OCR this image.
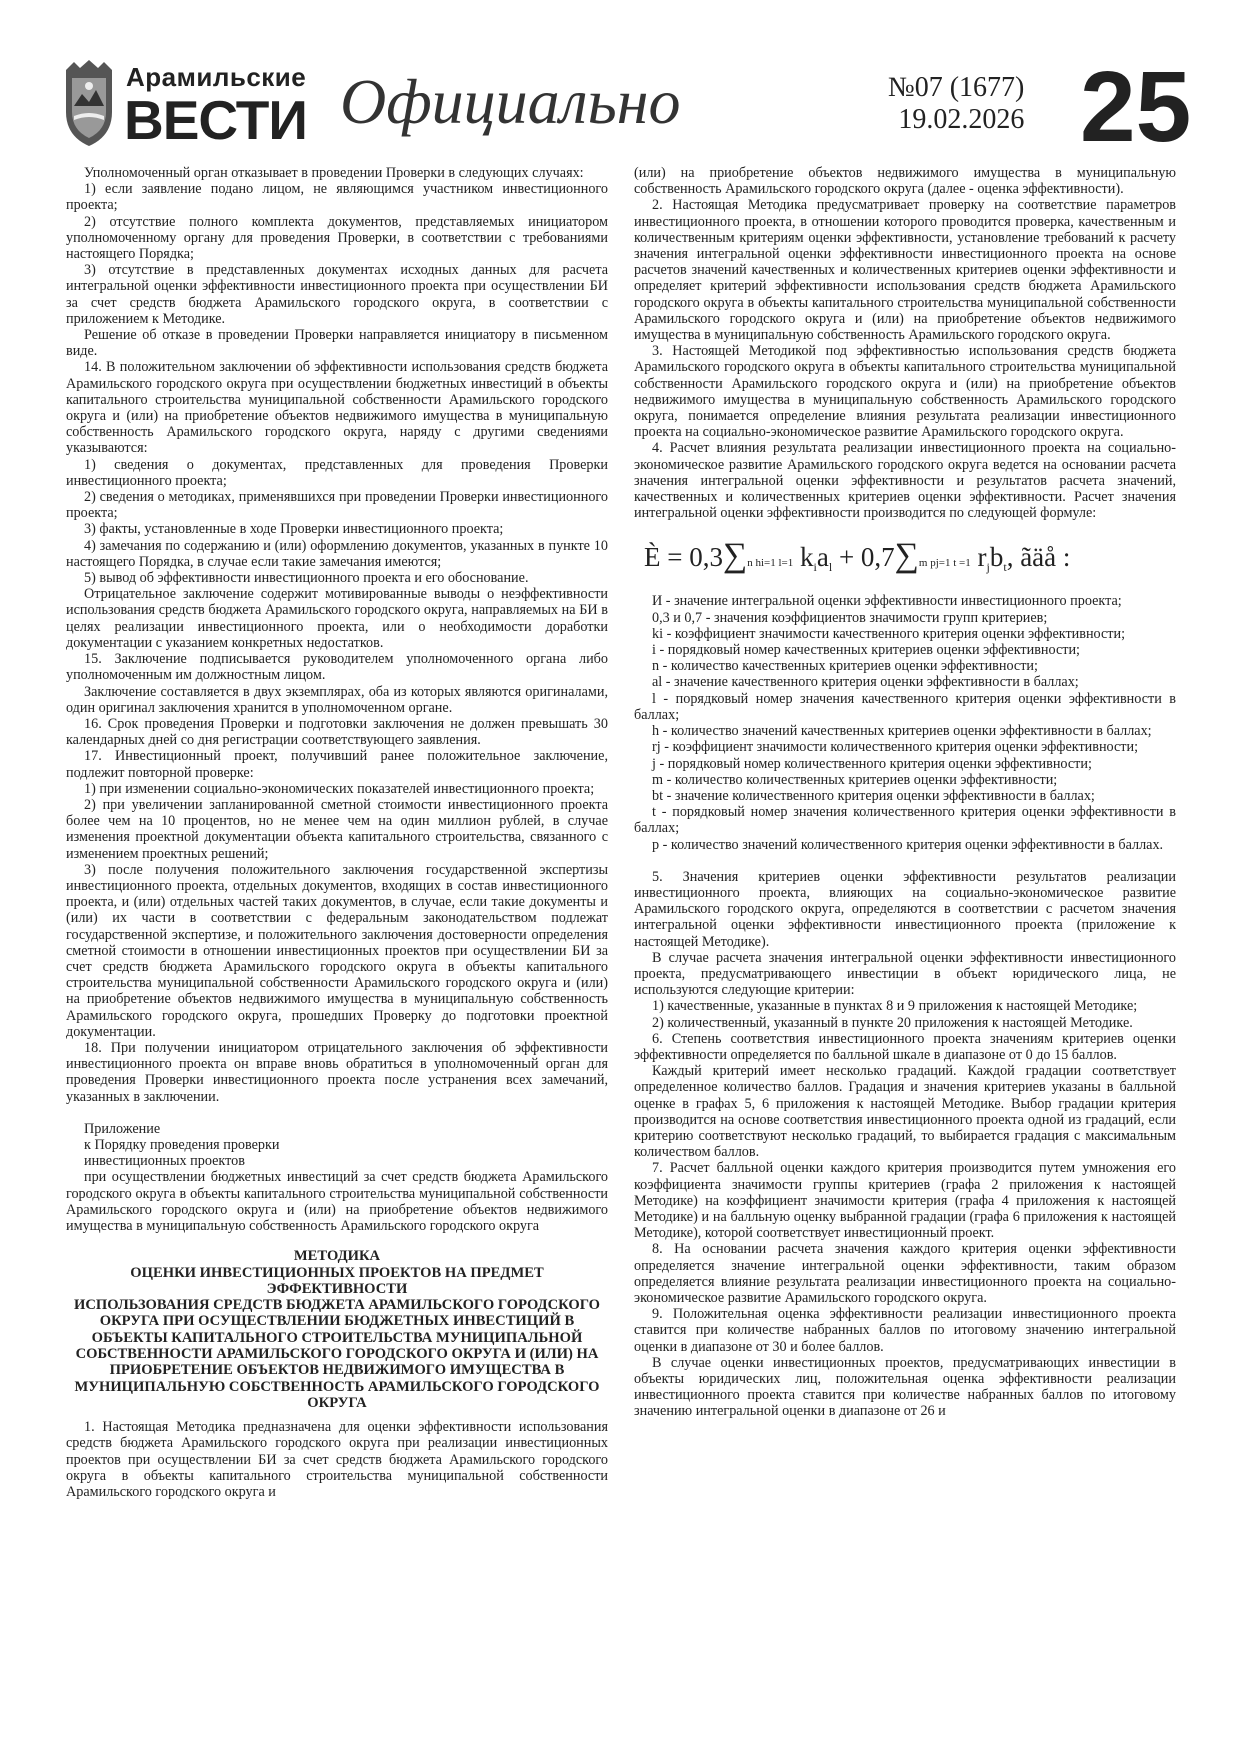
Арамильские
ВЕСТИ Официально	№07 (1677)
19.02.2026 25

Уполномоченный орган отказывает в проведении Проверки в следующих случаях:

1) если заявление подано лицом, не являющимся участником инвестиционного проекта;

2) отсутствие полного комплекта документов, представляемых инициатором уполномоченному органу для проведения Проверки, в соответствии с требованиями настоящего Порядка;

3) отсутствие в представленных документах исходных данных для расчета интегральной оценки эффективности инвестиционного проекта при осуществлении БИ за счет средств бюджета Арамильского городского округа, в соответствии с приложением к Методике.

Решение об отказе в проведении Проверки направляется инициатору в письменном виде.

14. В положительном заключении об эффективности использования средств бюджета Арамильского городского округа при осуществлении бюджетных инвестиций в объекты капитального строительства муниципальной собственности Арамильского городского округа и (или) на приобретение объектов недвижимого имущества в муниципальную собственность Арамильского городского округа, наряду с другими сведениями указываются:

1) сведения о документах, представленных для проведения Проверки инвестиционного проекта;

2) сведения о методиках, применявшихся при проведении Проверки инвестиционного проекта;

3) факты, установленные в ходе Проверки инвестиционного проекта;

4) замечания по содержанию и (или) оформлению документов, указанных в пункте 10 настоящего Порядка, в случае если такие замечания имеются;

5) вывод об эффективности инвестиционного проекта и его обоснование.

Отрицательное заключение содержит мотивированные выводы о неэффективности использования средств бюджета Арамильского городского округа, направляемых на БИ в целях реализации инвестиционного проекта, или о необходимости доработки документации с указанием конкретных недостатков.

15. Заключение подписывается руководителем уполномоченного органа либо уполномоченным им должностным лицом.

Заключение составляется в двух экземплярах, оба из которых являются оригиналами, один оригинал заключения хранится в уполномоченном органе.

16. Срок проведения Проверки и подготовки заключения не должен превышать 30 календарных дней со дня регистрации соответствующего заявления.

17. Инвестиционный проект, получивший ранее положительное заключение, подлежит повторной проверке:

1) при изменении социально-экономических показателей инвестиционного проекта;

2) при увеличении запланированной сметной стоимости инвестиционного проекта более чем на 10 процентов, но не менее чем на один миллион рублей, в случае изменения проектной документации объекта капитального строительства, связанного с изменением проектных решений;

3) после получения положительного заключения государственной экспертизы инвестиционного проекта, отдельных документов, входящих в состав инвестиционного проекта, и (или) отдельных частей таких документов, в случае, если такие документы и (или) их части в соответствии с федеральным законодательством подлежат государственной экспертизе, и положительного заключения достоверности определения сметной стоимости в отношении инвестиционных проектов при осуществлении БИ за счет средств бюджета Арамильского городского округа в объекты капитального строительства муниципальной собственности Арамильского городского округа и (или) на приобретение объектов недвижимого имущества в муниципальную собственность Арамильского городского округа, прошедших Проверку до подготовки проектной документации.

18. При получении инициатором отрицательного заключения об эффективности инвестиционного проекта он вправе вновь обратиться в уполномоченный орган для проведения Проверки инвестиционного проекта после устранения всех замечаний, указанных в заключении.

Приложение

к Порядку проведения проверки

инвестиционных проектов

при осуществлении бюджетных инвестиций за счет средств бюджета Арамильского городского округа в объекты капитального строительства муниципальной собственности Арамильского городского округа и (или) на приобретение объектов недвижимого имущества в муниципальную собственность Арамильского городского округа

МЕТОДИКА
ОЦЕНКИ ИНВЕСТИЦИОННЫХ ПРОЕКТОВ НА ПРЕДМЕТ ЭФФЕКТИВНОСТИ
ИСПОЛЬЗОВАНИЯ СРЕДСТВ БЮДЖЕТА АРАМИЛЬСКОГО ГОРОДСКОГО ОКРУГА ПРИ ОСУЩЕСТВЛЕНИИ БЮДЖЕТНЫХ ИНВЕСТИЦИЙ В ОБЪЕКТЫ КАПИТАЛЬНОГО СТРОИТЕЛЬСТВА МУНИЦИПАЛЬНОЙ СОБСТВЕННОСТИ АРАМИЛЬСКОГО ГОРОДСКОГО ОКРУГА И (ИЛИ) НА ПРИОБРЕТЕНИЕ ОБЪЕКТОВ НЕДВИЖИМОГО ИМУЩЕСТВА В МУНИЦИПАЛЬНУЮ СОБСТВЕННОСТЬ АРАМИЛЬСКОГО ГОРОДСКОГО ОКРУГА

1. Настоящая Методика предназначена для оценки эффективности использования средств бюджета Арамильского городского округа при реализации инвестиционных проектов при осуществлении БИ за счет средств бюджета Арамильского городского округа в объекты капитального строительства муниципальной собственности Арамильского городского округа и

(или) на приобретение объектов недвижимого имущества в муниципальную собственность Арамильского городского округа (далее - оценка эффективности).

2. Настоящая Методика предусматривает проверку на соответствие параметров инвестиционного проекта, в отношении которого проводится проверка, качественным и количественным критериям оценки эффективности, установление требований к расчету значения интегральной оценки эффективности инвестиционного проекта на основе расчетов значений качественных и количественных критериев оценки эффективности и определяет критерий эффективности использования средств бюджета Арамильского городского округа в объекты капитального строительства муниципальной собственности Арамильского городского округа и (или) на приобретение объектов недвижимого имущества в муниципальную собственность Арамильского городского округа.

3. Настоящей Методикой под эффективностью использования средств бюджета Арамильского городского округа в объекты капитального строительства муниципальной собственности Арамильского городского округа и (или) на приобретение объектов недвижимого имущества в муниципальную собственность Арамильского городского округа, понимается определение влияния результата реализации инвестиционного проекта на социально-экономическое развитие Арамильского городского округа.

4. Расчет влияния результата реализации инвестиционного проекта на социально-экономическое развитие Арамильского городского округа ведется на основании расчета значения интегральной оценки эффективности и результатов расчета значений, качественных и количественных критериев оценки эффективности. Расчет значения интегральной оценки эффективности производится по следующей формуле:

È = 0,3∑n hi=1 l=1 $k_ia_l + 0,7\sum m$ pj=1 t =1 $r_jb_t$, ãäå :

И - значение интегральной оценки эффективности инвестиционного проекта;

0,3 и 0,7 - значения коэффициентов значимости групп критериев;

ki - коэффициент значимости качественного критерия оценки эффективности;

i - порядковый номер качественных критериев оценки эффективности;

n - количество качественных критериев оценки эффективности;

al - значение качественного критерия оценки эффективности в баллах;

l - порядковый номер значения качественного критерия оценки эффективности в баллах;

h - количество значений качественных критериев оценки эффективности в баллах;

rj - коэффициент значимости количественного критерия оценки эффективности;

j - порядковый номер количественного критерия оценки эффективности;

m - количество количественных критериев оценки эффективности;

bt - значение количественного критерия оценки эффективности в баллах;

t - порядковый номер значения количественного критерия оценки эффективности в баллах;

p - количество значений количественного критерия оценки эффективности в баллах.

5. Значения критериев оценки эффективности результатов реализации инвестиционного проекта, влияющих на социально-экономическое развитие Арамильского городского округа, определяются в соответствии с расчетом значения интегральной оценки эффективности инвестиционного проекта (приложение к настоящей Методике).

В случае расчета значения интегральной оценки эффективности инвестиционного проекта, предусматривающего инвестиции в объект юридического лица, не используются следующие критерии:

1) качественные, указанные в пунктах 8 и 9 приложения к настоящей Методике;

2) количественный, указанный в пункте 20 приложения к настоящей Методике.

6. Степень соответствия инвестиционного проекта значениям критериев оценки эффективности определяется по балльной шкале в диапазоне от 0 до 15 баллов.

Каждый критерий имеет несколько градаций. Каждой градации соответствует определенное количество баллов. Градация и значения критериев указаны в балльной оценке в графах 5, 6 приложения к настоящей Методике. Выбор градации критерия производится на основе соответствия инвестиционного проекта одной из градаций, если критерию соответствуют несколько градаций, то выбирается градация с максимальным количеством баллов.

7. Расчет балльной оценки каждого критерия производится путем умножения его коэффициента значимости группы критериев (графа 2 приложения к настоящей Методике) на коэффициент значимости критерия (графа 4 приложения к настоящей Методике) и на балльную оценку выбранной градации (графа 6 приложения к настоящей Методике), которой соответствует инвестиционный проект.

8. На основании расчета значения каждого критерия оценки эффективности определяется значение интегральной оценки эффективности, таким образом определяется влияние результата реализации инвестиционного проекта на социально-экономическое развитие Арамильского городского округа.

9. Положительная оценка эффективности реализации инвестиционного проекта ставится при количестве набранных баллов по итоговому значению интегральной оценки в диапазоне от 30 и более баллов.

В случае оценки инвестиционных проектов, предусматривающих инвестиции в объекты юридических лиц, положительная оценка эффективности реализации инвестиционного проекта ставится при количестве набранных баллов по итоговому значению интегральной оценки в диапазоне от 26 и
